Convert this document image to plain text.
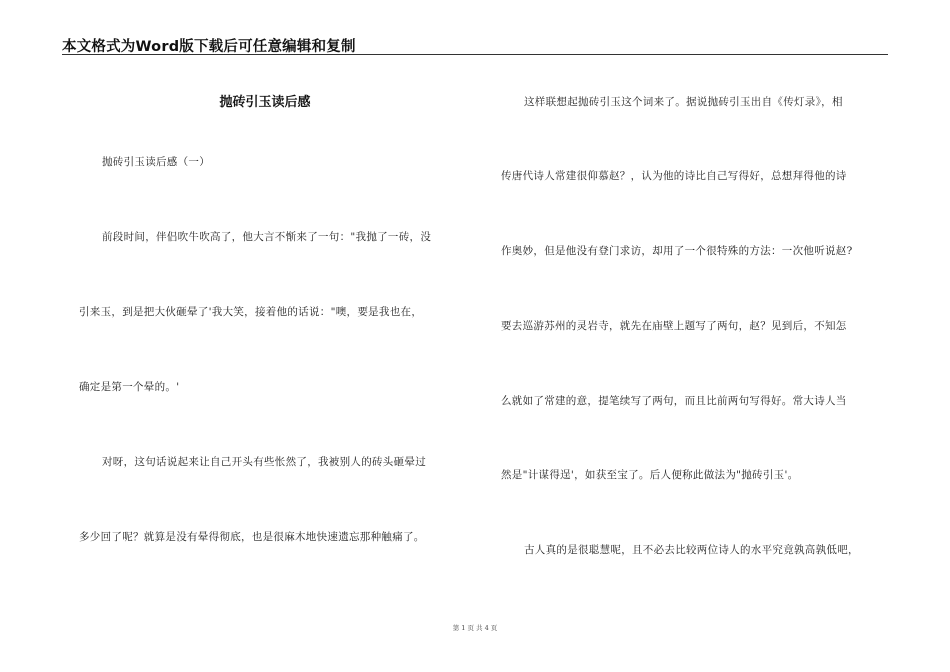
本文格式为Word版下载后可任意编辑和复制
抛砖引玉读后感
抛砖引玉读后感（一）
前段时间，伴侣吹牛吹高了，他大言不惭来了一句："我抛了一砖，没
引来玉，到是把大伙砸晕了'我大笑，接着他的话说："噢，要是我也在，
确定是第一个晕的。'
对呀，这句话说起来让自己开头有些怅然了，我被别人的砖头砸晕过
多少回了呢？就算是没有晕得彻底，也是很麻木地快速遗忘那种触痛了。
这样联想起抛砖引玉这个词来了。据说抛砖引玉出自《传灯录》，相
传唐代诗人常建很仰慕赵？，认为他的诗比自己写得好，总想拜得他的诗
作奥妙，但是他没有登门求访，却用了一个很特殊的方法：一次他听说赵?
要去巡游苏州的灵岩寺，就先在庙壁上题写了两句，赵？见到后，不知怎
么就如了常建的意，提笔续写了两句，而且比前两句写得好。常大诗人当
然是"计谋得逞'，如获至宝了。后人便称此做法为"抛砖引玉'。
古人真的是很聪慧呢，且不必去比较两位诗人的水平究竟孰高孰低吧，
第 1 页 共 4 页
